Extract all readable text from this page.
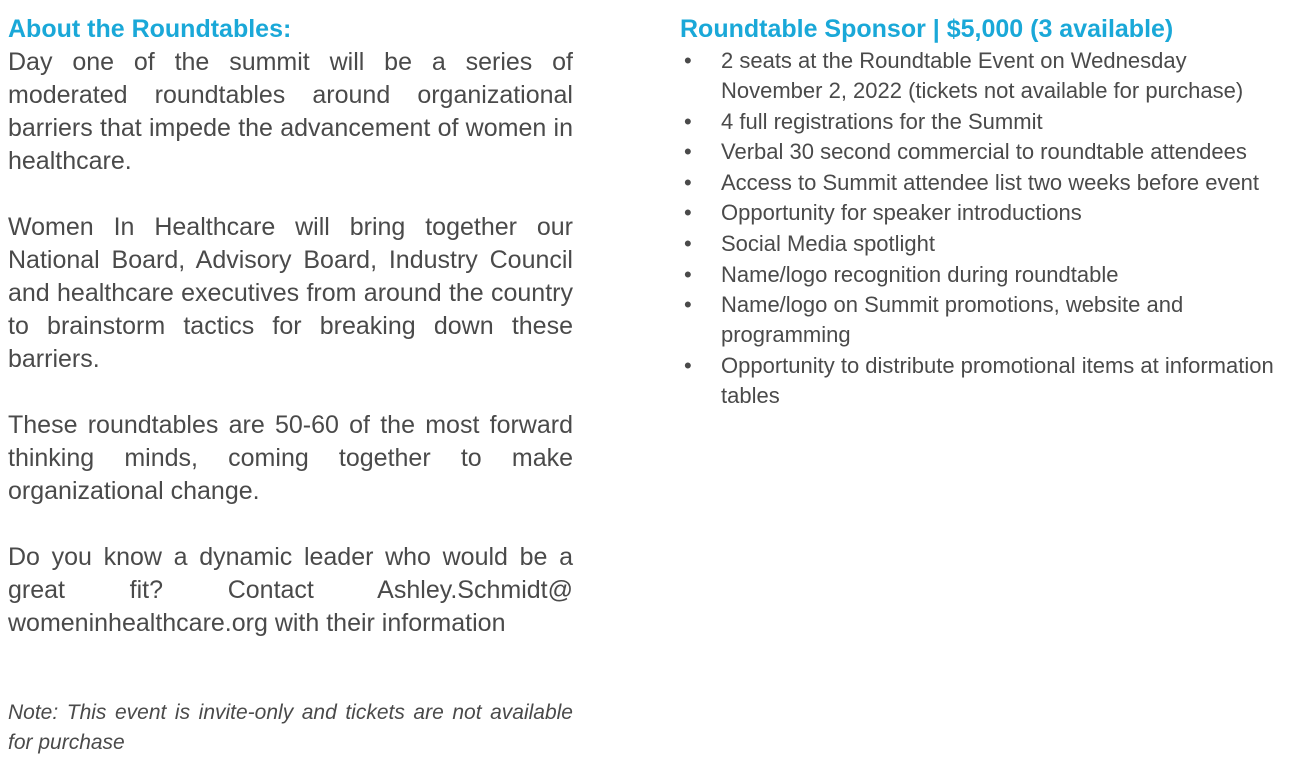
About the Roundtables:

Day one of the summit will be a series of moderated roundtables around organizational barriers that impede the advancement of women in healthcare.

Women In Healthcare will bring together our National Board, Advisory Board, Industry Council and healthcare executives from around the country to brainstorm tactics for breaking down these barriers.

These roundtables are 50-60 of the most forward thinking minds, coming together to make organizational change.

Do you know a dynamic leader who would be a great fit? Contact Ashley.Schmidt@ womeninhealthcare.org with their information

Note: This event is invite-only and tickets are not available for purchase

Roundtable Sponsor | $5,000 (3 available)
• 2 seats at the Roundtable Event on Wednesday November 2, 2022 (tickets not available for purchase)
• 4 full registrations for the Summit
• Verbal 30 second commercial to roundtable attendees
• Access to Summit attendee list two weeks before event
• Opportunity for speaker introductions
• Social Media spotlight
• Name/logo recognition during roundtable
• Name/logo on Summit promotions, website and programming
• Opportunity to distribute promotional items at information tables
